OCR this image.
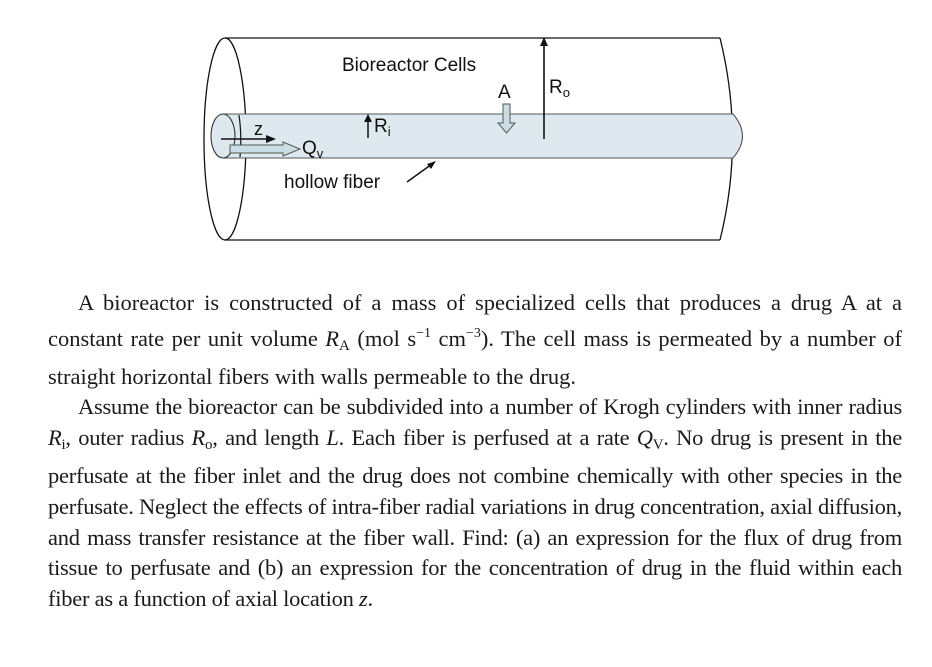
Bioreactor Cells
A $R_o$
$R_i$
z
$Q_v$
hollow fiber

A bioreactor is constructed of a mass of specialized cells that produces a drug A at a constant rate per unit volume $R_A$ (mol $s^{-1}$ $cm^{-3}$). The cell mass is permeated by a number of straight horizontal fibers with walls permeable to the drug.

Assume the bioreactor can be subdivided into a number of Krogh cylinders with inner radius $R_i$, outer radius $R_o$, and length L. Each fiber is perfused at a rate $Q_V$. No drug is present in the perfusate at the fiber inlet and the drug does not combine chemically with other species in the perfusate. Neglect the effects of intra-fiber radial variations in drug concentration, axial diffusion, and mass transfer resistance at the fiber wall. Find: (a) an expression for the flux of drug from tissue to perfusate and (b) an expression for the concentration of drug in the fluid within each fiber as a function of axial location z.
